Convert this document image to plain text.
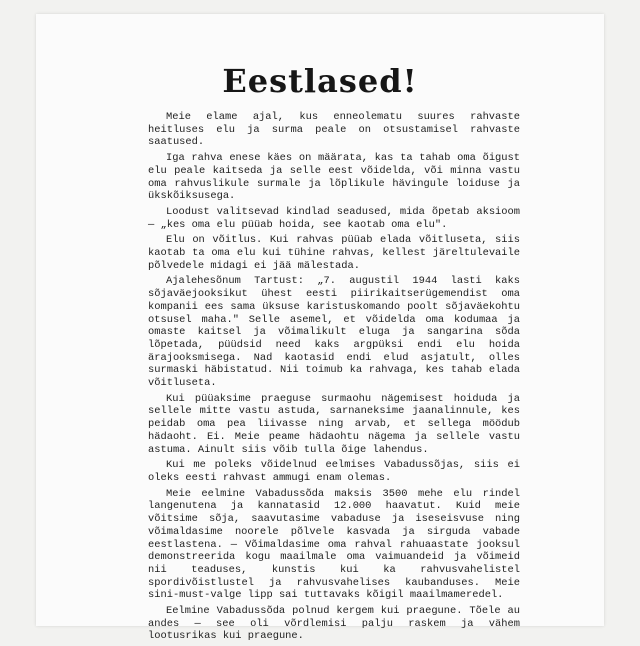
Eestlased!

Meie elame ajal, kus enneolematu suures rahvaste heitluses elu ja surma peale on otsustamisel rahvaste saatused.

Iga rahva enese käes on määrata, kas ta tahab oma õigust elu peale kaitseda ja selle eest võidelda, või minna vastu oma rahvuslikule surmale ja lõplikule hävingule loiduse ja ükskõiksusega.

Loodust valitsevad kindlad seadused, mida õpetab aksioom — „kes oma elu püüab hoida, see kaotab oma elu".

Elu on võitlus. Kui rahvas püüab elada võitluseta, siis kaotab ta oma elu kui tühine rahvas, kellest järeltulevaile põlvedele midagi ei jää mälestada.

Ajalehesõnum Tartust: „7. augustil 1944 lasti kaks sõjaväejooksikut ühest eesti piirikaitserügemendist oma kompanii ees sama üksuse karistuskomando poolt sõjaväekohtu otsusel maha." Selle asemel, et võidelda oma kodumaa ja omaste kaitsel ja võimalikult eluga ja sangarina sõda lõpetada, püüdsid need kaks argpüksi endi elu hoida ärajooksmisega. Nad kaotasid endi elud asjatult, olles surmaski häbistatud. Nii toimub ka rahvaga, kes tahab elada võitluseta.

Kui püüaksime praeguse surmaohu nägemisest hoiduda ja sellele mitte vastu astuda, sarnaneksime jaanalinnule, kes peidab oma pea liivasse ning arvab, et sellega möödub hädaoht. Ei. Meie peame hädaohtu nägema ja sellele vastu astuma. Ainult siis võib tulla õige lahendus.

Kui me poleks võidelnud eelmises Vabadussõjas, siis ei oleks eesti rahvast ammugi enam olemas.

Meie eelmine Vabadussõda maksis 3500 mehe elu rindel langenutena ja kannatasid 12.000 haavatut. Kuid meie võitsime sõja, saavutasime vabaduse ja iseseisvuse ning võimaldasime noorele põlvele kasvada ja sirguda vabade eestlastena. — Võimaldasime oma rahval rahuaastate jooksul demonstreerida kogu maailmale oma vaimuandeid ja võimeid nii teaduses, kunstis kui ka rahvusvahelistel spordivõistlustel ja rahvusvahelises kaubanduses. Meie sini-must-valge lipp sai tuttavaks kõigil maailmameredel.

Eelmine Vabadussõda polnud kergem kui praegune. Tõele au andes — see oli võrdlemisi palju raskem ja vähem lootusrikas kui praegune.
